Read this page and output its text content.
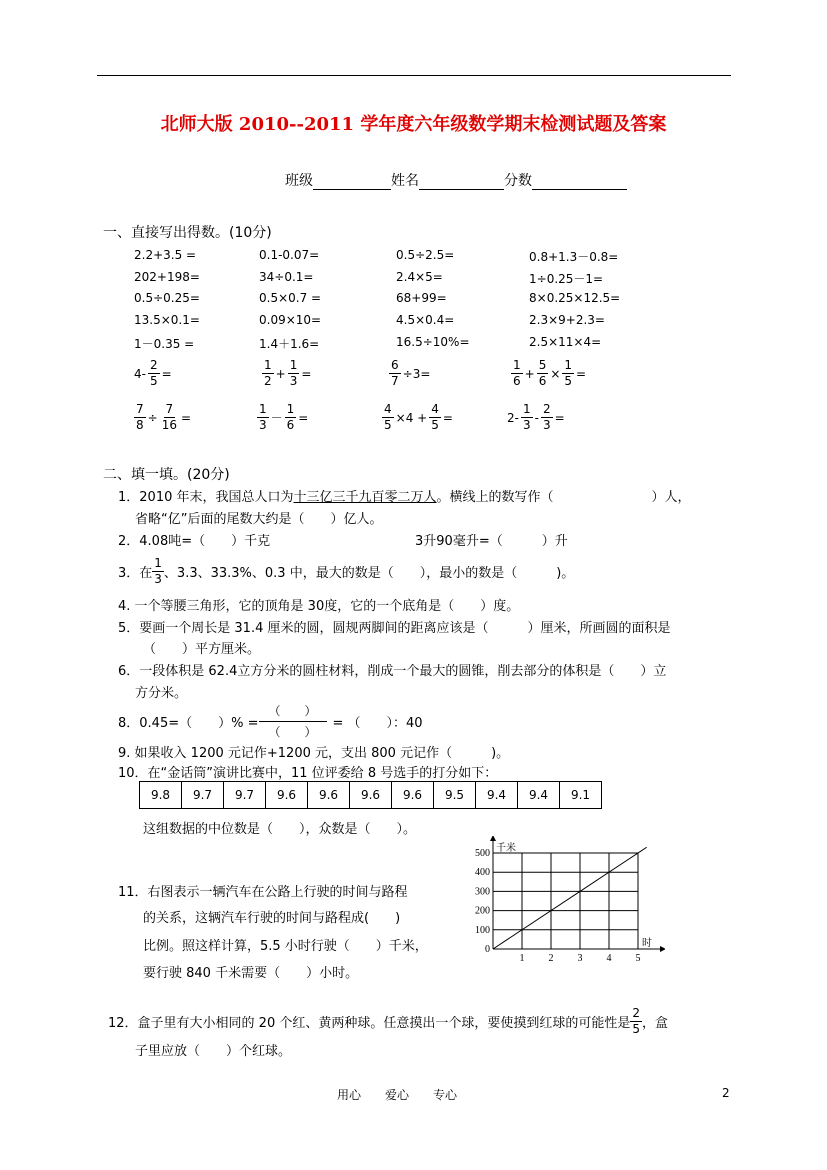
北师大版 2010--2011 学年度六年级数学期末检测试题及答案
班级	姓名	分数
一、直接写出得数。(10分)
2.2+3.5 =	0.1-0.07=	0.5÷2.5=	0.8+1.3－0.8=
202+198=	34÷0.1=	2.4×5=	1÷0.25－1=
0.5÷0.25=	0.5×0.7 =	68+99=	8×0.25×12.5=
13.5×0.1=	0.09×10=	4.5×0.4=	2.3×9+2.3=
1－0.35 =	1.4＋1.6=	16.5÷10%=	2.5×11×4=
$4- \frac{2}{5}$ =	$\frac{1}{2} + \frac{1}{3}$ =	$\frac{6}{7} \div 3=$	$\frac{1}{6} + \frac{5}{6} \times \frac{1}{5}$ =
$\frac{7}{8} \div \frac{7}{16}$ =	$\frac{1}{3} - \frac{1}{6}$ =	$\frac{4}{5} \times 4 + \frac{4}{5}$ =	$2- \frac{1}{3} - \frac{2}{3}$ =
二、填一填。(20分)
1．2010 年末，我国总人口为十三亿三千九百零二万人。横线上的数写作（	）人，
省略“亿”后面的尾数大约是（　　）亿人。
2．4.08吨=（　　）千克	3升90毫升=（　　　）升
3．在 $\frac{1}{3}$ 、3.3、33.3%、0.3 中，最大的数是（　　），最小的数是（　　　)。
4. 一个等腰三角形，它的顶角是 30度，它的一个底角是（　　）度。
5．要画一个周长是 31.4 厘米的圆，圆规两脚间的距离应该是（　　　）厘米，所画圆的面积是
（　　）平方厘米。
6．一段体积是 62.4立方分米的圆柱材料，削成一个最大的圆锥，削去部分的体积是（　　）立
方分米。
8．0.45=（　　）% = $\frac{( )}{( )}$ = （　　）：40
9. 如果收入 1200 元记作+1200 元，支出 800 元记作（　　　)。
10．在“金话筒”演讲比赛中，11 位评委给 8 号选手的打分如下：
9.8	9.7	9.7	9.6	9.6	9.6	9.6	9.5	9.4	9.4	9.1
这组数据的中位数是（　　），众数是（　　）。
11．右图表示一辆汽车在公路上行驶的时间与路程
的关系，这辆汽车行驶的时间与路程成(　　)
比例。照这样计算，5.5 小时行驶（　　）千米，
要行驶 840 千米需要（　　）小时。
1 2 3 4 5
0
100
200
300
400
500 千米
时
12．盒子里有大小相同的 20 个红、黄两种球。任意摸出一个球，要使摸到红球的可能性是 $\frac{2}{5}$ ，盒
子里应放（　　）个红球。
用心　　爱心　　专心	2
